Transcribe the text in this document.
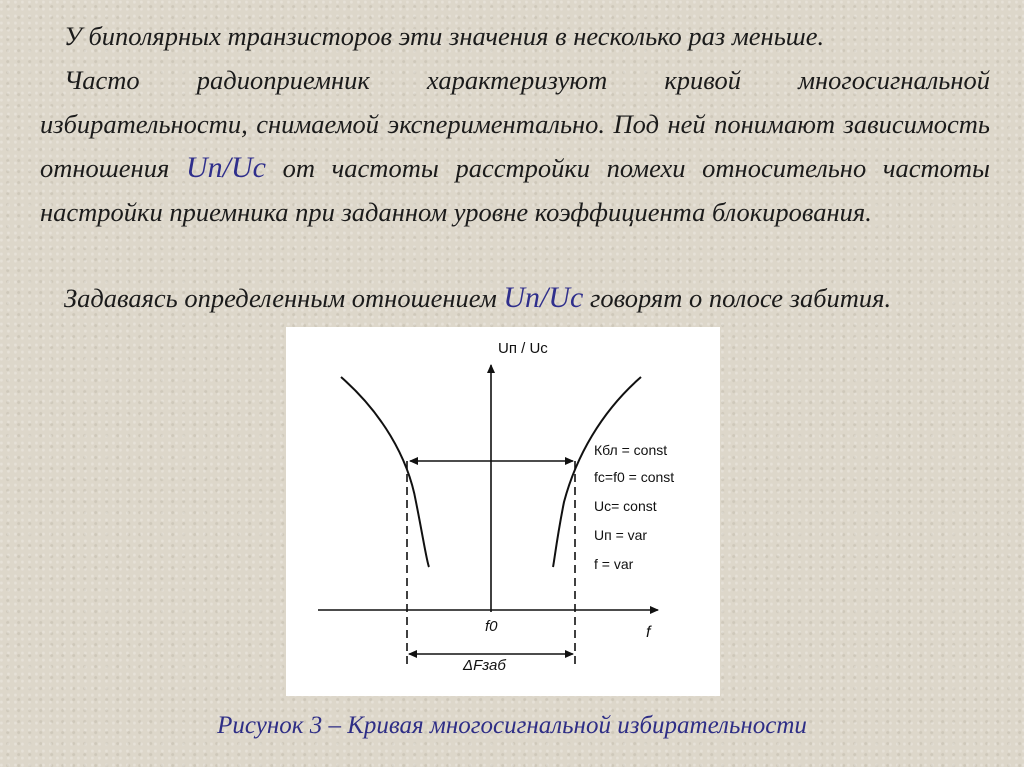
У биполярных транзисторов эти значения в несколько раз меньше.
Часто радиоприемник характеризуют кривой многосигнальной избирательности, снимаемой экспериментально. Под ней понимают зависимость отношения Uп/Uc от частоты расстройки помехи относительно частоты настройки приемника при заданном уровне коэффициента блокирования.
Задаваясь определенным отношением Uп/Uc говорят о полосе забития.
Uп / Uc
f
f0
ΔFзаб
Кбл = const
fc=f0 = const
Uc= const
Uп = var
f = var
Рисунок 3 – Кривая многосигнальной избирательности
